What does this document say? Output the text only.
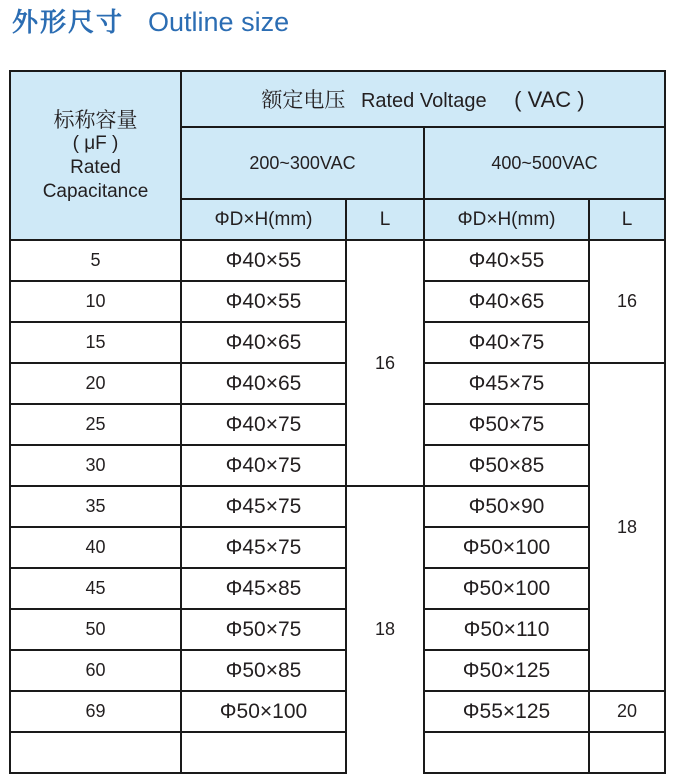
外形尺寸 Outline size
标称容量
( μF )
Rated
Capacitance	额定电压 Rated Voltage ( VAC )			
	200~300VAC		400~500VAC	
	ΦD×H(mm)	L	ΦD×H(mm)	L
5	Φ40×55	16	Φ40×55	16
10	Φ40×55		Φ40×65	
15	Φ40×65		Φ40×75	
20	Φ40×65		Φ45×75	18
25	Φ40×75		Φ50×75	
30	Φ40×75		Φ50×85	
35	Φ45×75	18	Φ50×90	
40	Φ45×75		Φ50×100	
45	Φ45×85		Φ50×100	
50	Φ50×75		Φ50×110	
60	Φ50×85		Φ50×125	
69	Φ50×100		Φ55×125	20
